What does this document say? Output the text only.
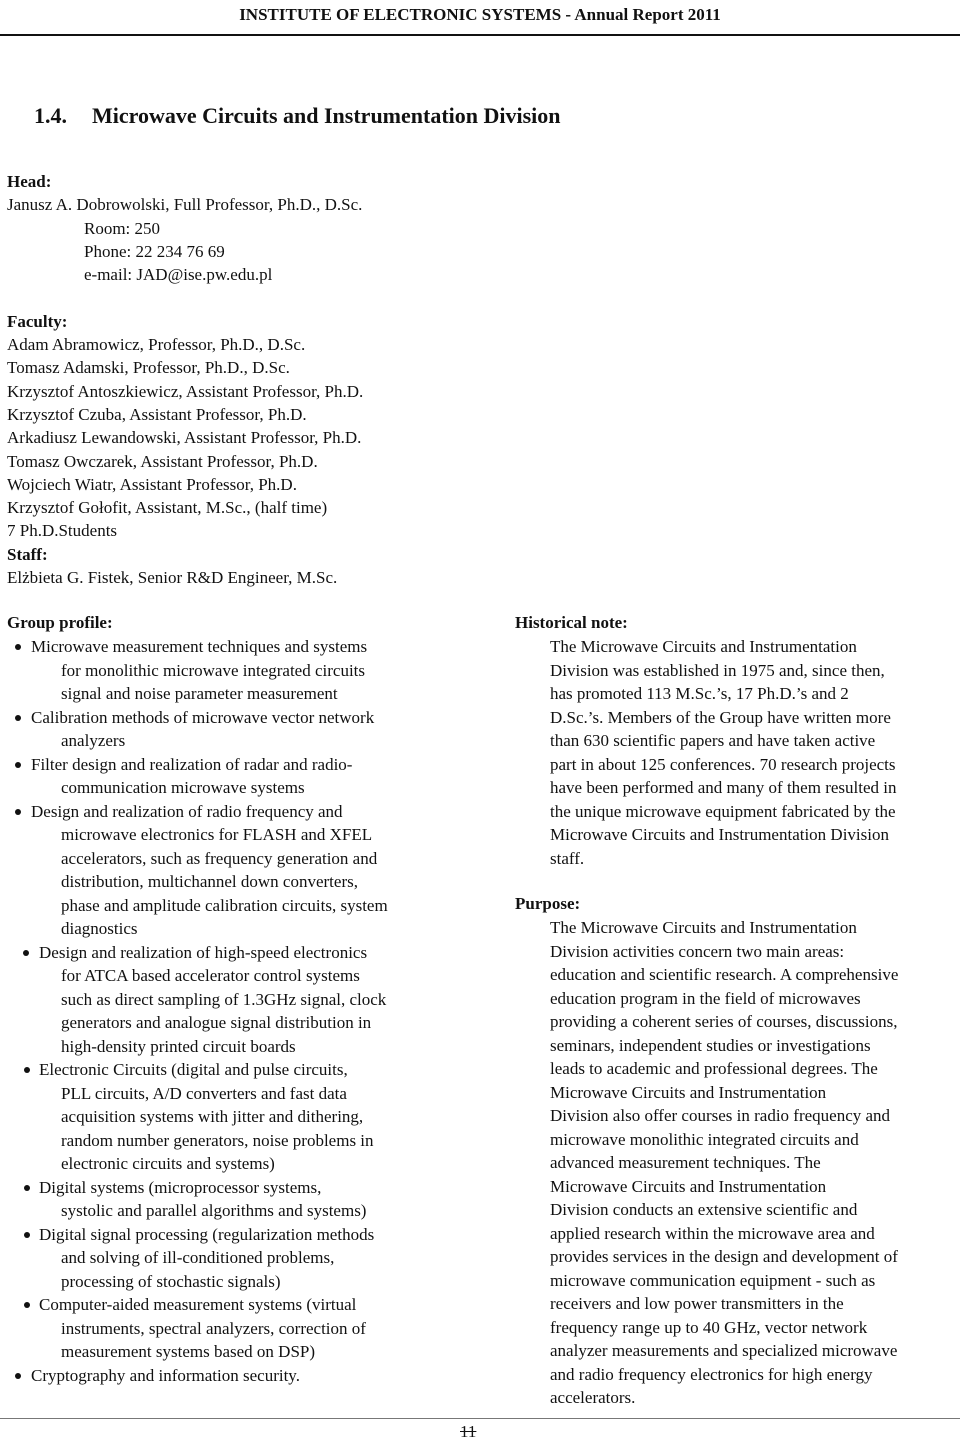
INSTITUTE OF ELECTRONIC SYSTEMS - Annual Report 2011
1.4. Microwave Circuits and Instrumentation Division
Head:
Janusz A. Dobrowolski, Full Professor, Ph.D., D.Sc.
Room: 250
Phone: 22 234 76 69
e-mail: JAD@ise.pw.edu.pl
Faculty:
Adam Abramowicz, Professor, Ph.D., D.Sc.
Tomasz Adamski, Professor, Ph.D., D.Sc.
Krzysztof Antoszkiewicz, Assistant Professor, Ph.D.
Krzysztof Czuba, Assistant Professor, Ph.D.
Arkadiusz Lewandowski, Assistant Professor, Ph.D.
Tomasz Owczarek, Assistant Professor, Ph.D.
Wojciech Wiatr, Assistant Professor, Ph.D.
Krzysztof Gołofit, Assistant, M.Sc., (half time)
7 Ph.D.Students
Staff:
Elżbieta G. Fistek, Senior R&D Engineer, M.Sc.
Group profile:
Microwave measurement techniques and systems
for monolithic microwave integrated circuits
signal and noise parameter measurement
Calibration methods of microwave vector network
analyzers
Filter design and realization of radar and radio-
communication microwave systems
Design and realization of radio frequency and
microwave electronics for FLASH and XFEL
accelerators, such as frequency generation and
distribution, multichannel down converters,
phase and amplitude calibration circuits, system
diagnostics
Design and realization of high-speed electronics
for ATCA based accelerator control systems
such as direct sampling of 1.3GHz signal, clock
generators and analogue signal distribution in
high-density printed circuit boards
Electronic Circuits (digital and pulse circuits,
PLL circuits, A/D converters and fast data
acquisition systems with jitter and dithering,
random number generators, noise problems in
electronic circuits and systems)
Digital systems (microprocessor systems,
systolic and parallel algorithms and systems)
Digital signal processing (regularization methods
and solving of ill-conditioned problems,
processing of stochastic signals)
Computer-aided measurement systems (virtual
instruments, spectral analyzers, correction of
measurement systems based on DSP)
Cryptography and information security.
Historical note:
The Microwave Circuits and Instrumentation
Division was established in 1975 and, since then,
has promoted 113 M.Sc.’s, 17 Ph.D.’s and 2
D.Sc.’s. Members of the Group have written more
than 630 scientific papers and have taken active
part in about 125 conferences. 70 research projects
have been performed and many of them resulted in
the unique microwave equipment fabricated by the
Microwave Circuits and Instrumentation Division
staff.
Purpose:
The Microwave Circuits and Instrumentation
Division activities concern two main areas:
education and scientific research. A comprehensive
education program in the field of microwaves
providing a coherent series of courses, discussions,
seminars, independent studies or investigations
leads to academic and professional degrees. The
Microwave Circuits and Instrumentation
Division also offer courses in radio frequency and
microwave monolithic integrated circuits and
advanced measurement techniques. The
Microwave Circuits and Instrumentation
Division conducts an extensive scientific and
applied research within the microwave area and
provides services in the design and development of
microwave communication equipment - such as
receivers and low power transmitters in the
frequency range up to 40 GHz, vector network
analyzer measurements and specialized microwave
and radio frequency electronics for high energy
accelerators.
11
